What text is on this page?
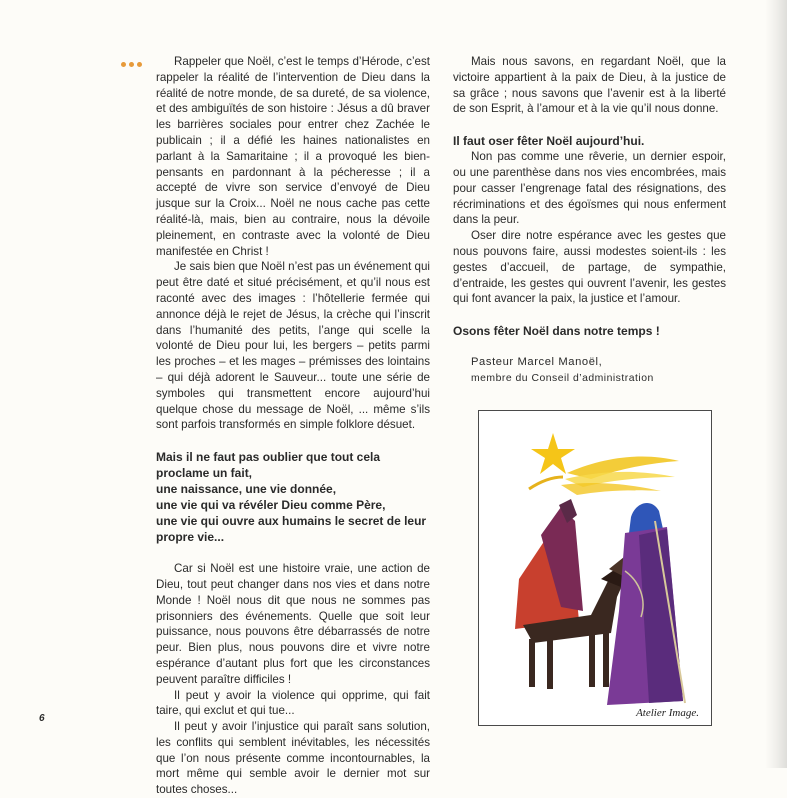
Rappeler que Noël, c’est le temps d’Hérode, c’est rappeler la réalité de l’intervention de Dieu dans la réalité de notre monde, de sa dureté, de sa violence, et des ambiguïtés de son histoire : Jésus a dû braver les barrières sociales pour entrer chez Zachée le publicain ; il a défié les haines nationalistes en parlant à la Samaritaine ; il a provoqué les bien-pensants en pardonnant à la pécheresse ; il a accepté de vivre son service d’envoyé de Dieu jusque sur la Croix... Noël ne nous cache pas cette réalité-là, mais, bien au contraire, nous la dévoile pleinement, en contraste avec la volonté de Dieu manifestée en Christ !

Je sais bien que Noël n’est pas un événement qui peut être daté et situé précisément, et qu’il nous est raconté avec des images : l’hôtellerie fermée qui annonce déjà le rejet de Jésus, la crèche qui l’inscrit dans l’humanité des petits, l’ange qui scelle la volonté de Dieu pour lui, les bergers – petits parmi les proches – et les mages – prémisses des lointains – qui déjà adorent le Sauveur... toute une série de symboles qui transmettent encore aujourd’hui quelque chose du message de Noël, ... même s’ils sont parfois transformés en simple folklore désuet.

Mais il ne faut pas oublier que tout cela proclame un fait,

une naissance, une vie donnée,

une vie qui va révéler Dieu comme Père,

une vie qui ouvre aux humains le secret de leur propre vie...

Car si Noël est une histoire vraie, une action de Dieu, tout peut changer dans nos vies et dans notre Monde ! Noël nous dit que nous ne sommes pas prisonniers des événements. Quelle que soit leur puissance, nous pouvons être débarrassés de notre peur. Bien plus, nous pouvons dire et vivre notre espérance d’autant plus fort que les circonstances peuvent paraître difficiles !

Il peut y avoir la violence qui opprime, qui fait taire, qui exclut et qui tue...

Il peut y avoir l’injustice qui paraît sans solution, les conflits qui semblent inévitables, les nécessités que l’on nous présente comme incontournables, la mort même qui semble avoir le dernier mot sur toutes choses...

Mais nous savons, en regardant Noël, que la victoire appartient à la paix de Dieu, à la justice de sa grâce ; nous savons que l’avenir est à la liberté de son Esprit, à l’amour et à la vie qu’il nous donne.

Il faut oser fêter Noël aujourd’hui.

Non pas comme une rêverie, un dernier espoir, ou une parenthèse dans nos vies encombrées, mais pour casser l’engrenage fatal des résignations, des récriminations et des égoïsmes qui nous enferment dans la peur.

Oser dire notre espérance avec les gestes que nous pouvons faire, aussi modestes soient-ils : les gestes d’accueil, de partage, de sympathie, d’entraide, les gestes qui ouvrent l’avenir, les gestes qui font avancer la paix, la justice et l’amour.

Osons fêter Noël dans notre temps !

Pasteur Marcel Manoël,

membre du Conseil d’administration

Atelier Image.
6
